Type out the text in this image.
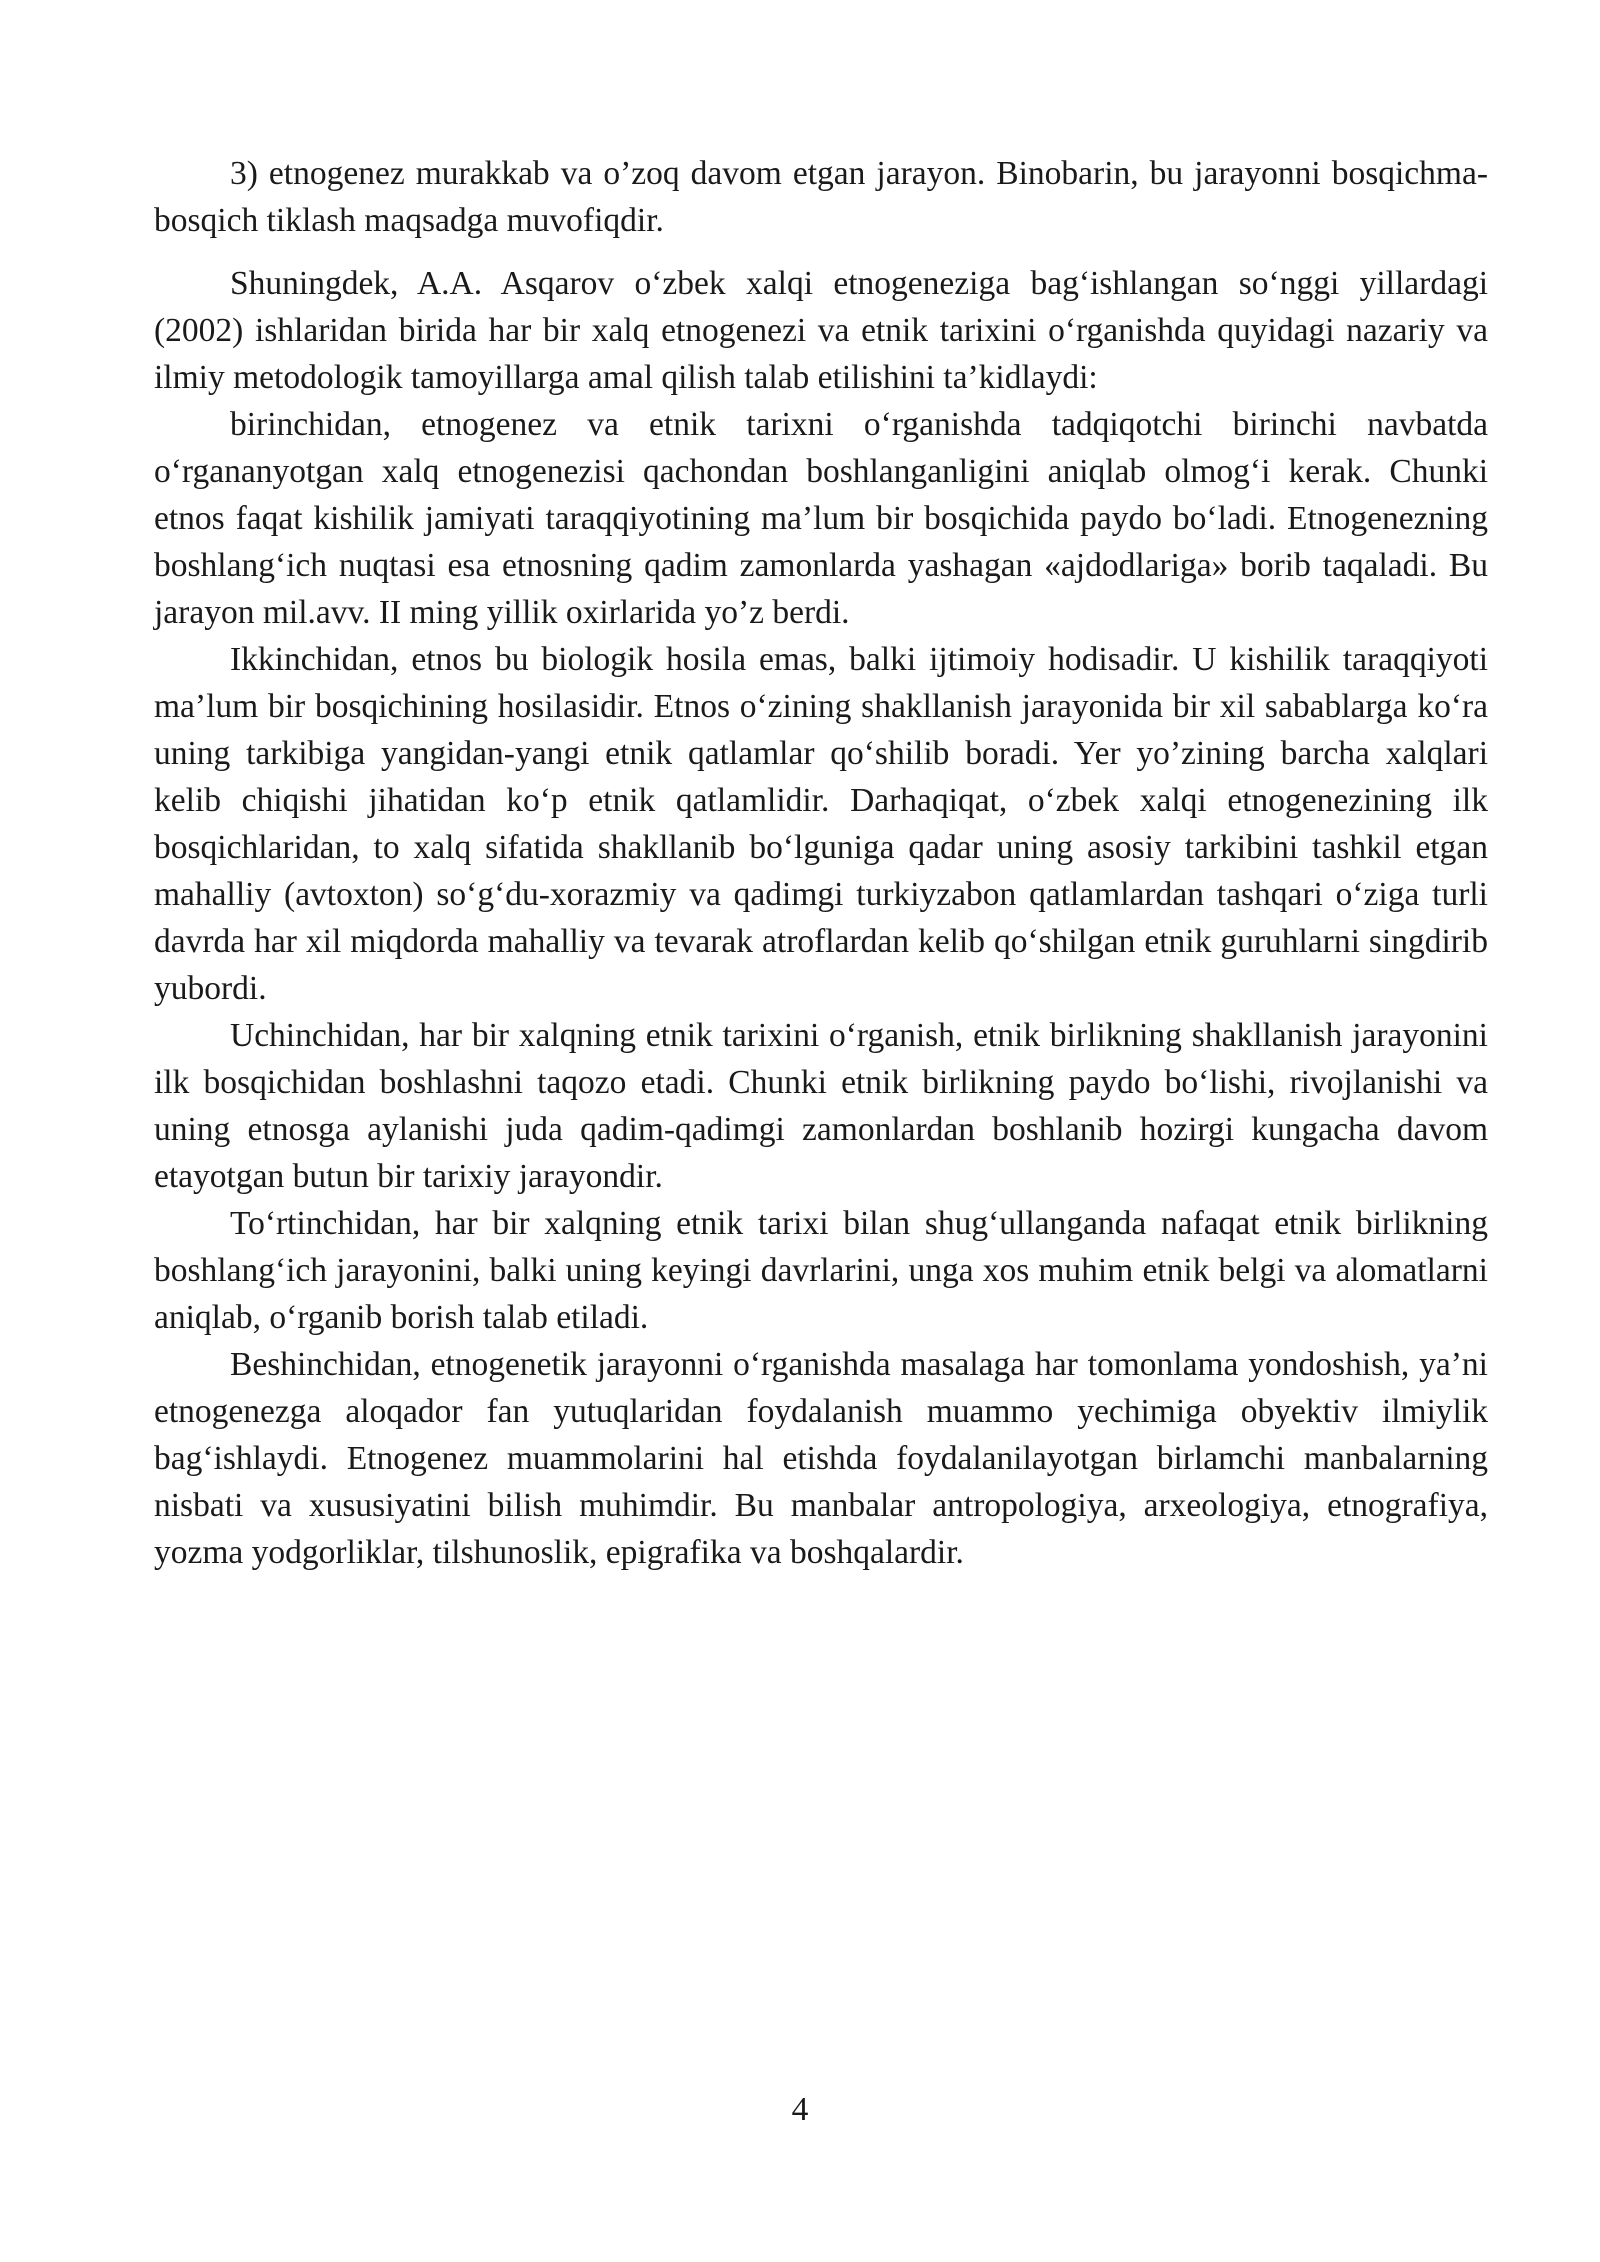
3) etnogenez murakkab va o’zoq davom etgan jarayon. Binobarin, bu jarayonni bosqichma-bosqich tiklash maqsadga muvofiqdir.

Shuningdek, A.A. Asqarov o‘zbek xalqi etnogeneziga bag‘ishlangan so‘nggi yillardagi (2002) ishlaridan birida har bir xalq etnogenezi va etnik tarixini o‘rganishda quyidagi nazariy va ilmiy metodologik tamoyillarga amal qilish talab etilishini ta’kidlaydi:

birinchidan, etnogenez va etnik tarixni o‘rganishda tadqiqotchi birinchi navbatda o‘rgananyotgan xalq etnogenezisi qachondan boshlanganligini aniqlab olmog‘i kerak. Chunki etnos faqat kishilik jamiyati taraqqiyotining ma’lum bir bosqichida paydo bo‘ladi. Etnogenezning boshlang‘ich nuqtasi esa etnosning qadim zamonlarda yashagan «ajdodlariga» borib taqaladi. Bu jarayon mil.avv. II ming yillik oxirlarida yo’z berdi.

Ikkinchidan, etnos bu biologik hosila emas, balki ijtimoiy hodisadir. U kishilik taraqqiyoti ma’lum bir bosqichining hosilasidir. Etnos o‘zining shakllanish jarayonida bir xil sabablarga ko‘ra uning tarkibiga yangidan-yangi etnik qatlamlar qo‘shilib boradi. Yer yo’zining barcha xalqlari kelib chiqishi jihatidan ko‘p etnik qatlamlidir. Darhaqiqat, o‘zbek xalqi etnogenezining ilk bosqichlaridan, to xalq sifatida shakllanib bo‘lguniga qadar uning asosiy tarkibini tashkil etgan mahalliy (avtoxton) so‘g‘du-xorazmiy va qadimgi turkiyzabon qatlamlardan tashqari o‘ziga turli davrda har xil miqdorda mahalliy va tevarak atroflardan kelib qo‘shilgan etnik guruhlarni singdirib yubordi.

Uchinchidan, har bir xalqning etnik tarixini o‘rganish, etnik birlikning shakllanish jarayonini ilk bosqichidan boshlashni taqozo etadi. Chunki etnik birlikning paydo bo‘lishi, rivojlanishi va uning etnosga aylanishi juda qadim-qadimgi zamonlardan boshlanib hozirgi kungacha davom etayotgan butun bir tarixiy jarayondir.

To‘rtinchidan, har bir xalqning etnik tarixi bilan shug‘ullanganda nafaqat etnik birlikning boshlang‘ich jarayonini, balki uning keyingi davrlarini, unga xos muhim etnik belgi va alomatlarni aniqlab, o‘rganib borish talab etiladi.

Beshinchidan, etnogenetik jarayonni o‘rganishda masalaga har tomonlama yondoshish, ya’ni etnogenezga aloqador fan yutuqlaridan foydalanish muammo yechimiga obyektiv ilmiylik bag‘ishlaydi. Etnogenez muammolarini hal etishda foydalanilayotgan birlamchi manbalarning nisbati va xususiyatini bilish muhimdir. Bu manbalar antropologiya, arxeologiya, etnografiya, yozma yodgorliklar, tilshunoslik, epigrafika va boshqalardir.

4
